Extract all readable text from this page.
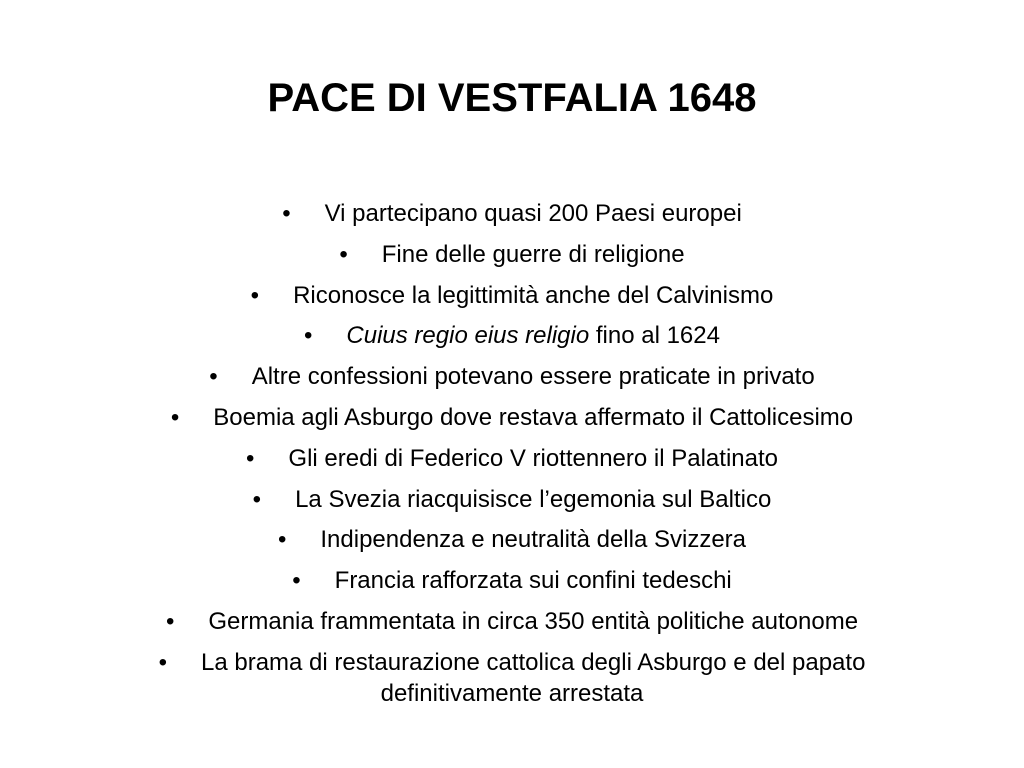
PACE DI VESTFALIA 1648
• Vi partecipano quasi 200 Paesi europei
• Fine delle guerre di religione
• Riconosce la legittimità anche del Calvinismo
• Cuius regio eius religio fino al 1624
• Altre confessioni potevano essere praticate in privato
• Boemia agli Asburgo dove restava affermato il Cattolicesimo
• Gli eredi di Federico V riottennero il Palatinato
• La Svezia riacquisisce l’egemonia sul Baltico
• Indipendenza e neutralità della Svizzera
• Francia rafforzata sui confini tedeschi
• Germania frammentata in circa 350 entità politiche autonome
• La brama di restaurazione cattolica degli Asburgo e del papato
definitivamente arrestata
